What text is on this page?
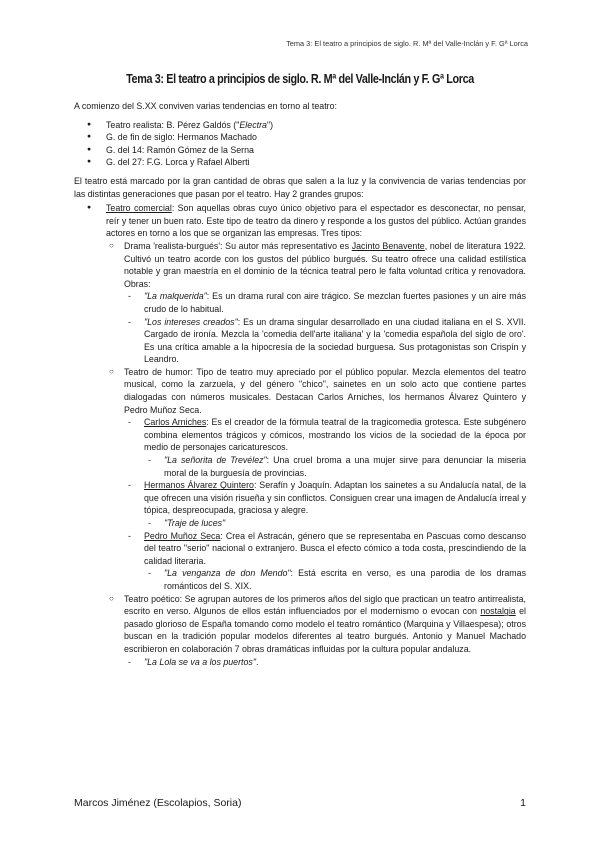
Tema 3: El teatro a principios de siglo. R. Mª del Valle-Inclán y F. Gª Lorca
Tema 3: El teatro a principios de siglo. R. Mª del Valle-Inclán y F. Gª Lorca

A comienzo del S.XX conviven varias tendencias en torno al teatro:

● Teatro realista: B. Pérez Galdós ("Electra")
● G. de fin de siglo: Hermanos Machado
● G. del 14: Ramón Gómez de la Serna
● G. del 27: F.G. Lorca y Rafael Alberti

El teatro está marcado por la gran cantidad de obras que salen a la luz y la convivencia de varias tendencias por las distintas generaciones que pasan por el teatro. Hay 2 grandes grupos:

● Teatro comercial: Son aquellas obras cuyo único objetivo para el espectador es desconectar, no pensar, reír y tener un buen rato. Este tipo de teatro da dinero y responde a los gustos del público. Actúan grandes actores en torno a los que se organizan las empresas. Tres tipos:

○ Drama 'realista-burgués': Su autor más representativo es Jacinto Benavente, nobel de literatura 1922. Cultivó un teatro acorde con los gustos del público burgués. Su teatro ofrece una calidad estilística notable y gran maestría en el dominio de la técnica teatral pero le falta voluntad crítica y renovadora. Obras:

- "La malquerida": Es un drama rural con aire trágico. Se mezclan fuertes pasiones y un aire más crudo de lo habitual.

- "Los intereses creados": Es un drama singular desarrollado en una ciudad italiana en el S. XVII. Cargado de ironía. Mezcla la 'comedia dell'arte italiana' y la 'comedia española del siglo de oro'. Es una crítica amable a la hipocresía de la sociedad burguesa. Sus protagonistas son Crispín y Leandro.

○ Teatro de humor: Tipo de teatro muy apreciado por el público popular. Mezcla elementos del teatro musical, como la zarzuela, y del género "chico", sainetes en un solo acto que contiene partes dialogadas con números musicales. Destacan Carlos Arniches, los hermanos Álvarez Quintero y Pedro Muñoz Seca.

- Carlos Arniches: Es el creador de la fórmula teatral de la tragicomedia grotesca. Este subgénero combina elementos trágicos y cómicos, mostrando los vicios de la sociedad de la época por medio de personajes caricaturescos.

- "La señorita de Trevélez": Una cruel broma a una mujer sirve para denunciar la miseria moral de la burguesía de provincias.

- Hermanos Álvarez Quintero: Serafín y Joaquín. Adaptan los sainetes a su Andalucía natal, de la que ofrecen una visión risueña y sin conflictos. Consiguen crear una imagen de Andalucía irreal y tópica, despreocupada, graciosa y alegre.

- "Traje de luces"

- Pedro Muñoz Seca: Crea el Astracán, género que se representaba en Pascuas como descanso del teatro "serio" nacional o extranjero. Busca el efecto cómico a toda costa, prescindiendo de la calidad literaria.

- "La venganza de don Mendo": Está escrita en verso, es una parodia de los dramas románticos del S. XIX.

○ Teatro poético: Se agrupan autores de los primeros años del siglo que practican un teatro antirrealista, escrito en verso. Algunos de ellos están influenciados por el modernismo o evocan con nostalgia el pasado glorioso de España tomando como modelo el teatro romántico (Marquina y Villaespesa); otros buscan en la tradición popular modelos diferentes al teatro burgués. Antonio y Manuel Machado escribieron en colaboración 7 obras dramáticas influidas por la cultura popular andaluza.

- "La Lola se va a los puertos".

Marcos Jiménez (Escolapios, Soria)	1
